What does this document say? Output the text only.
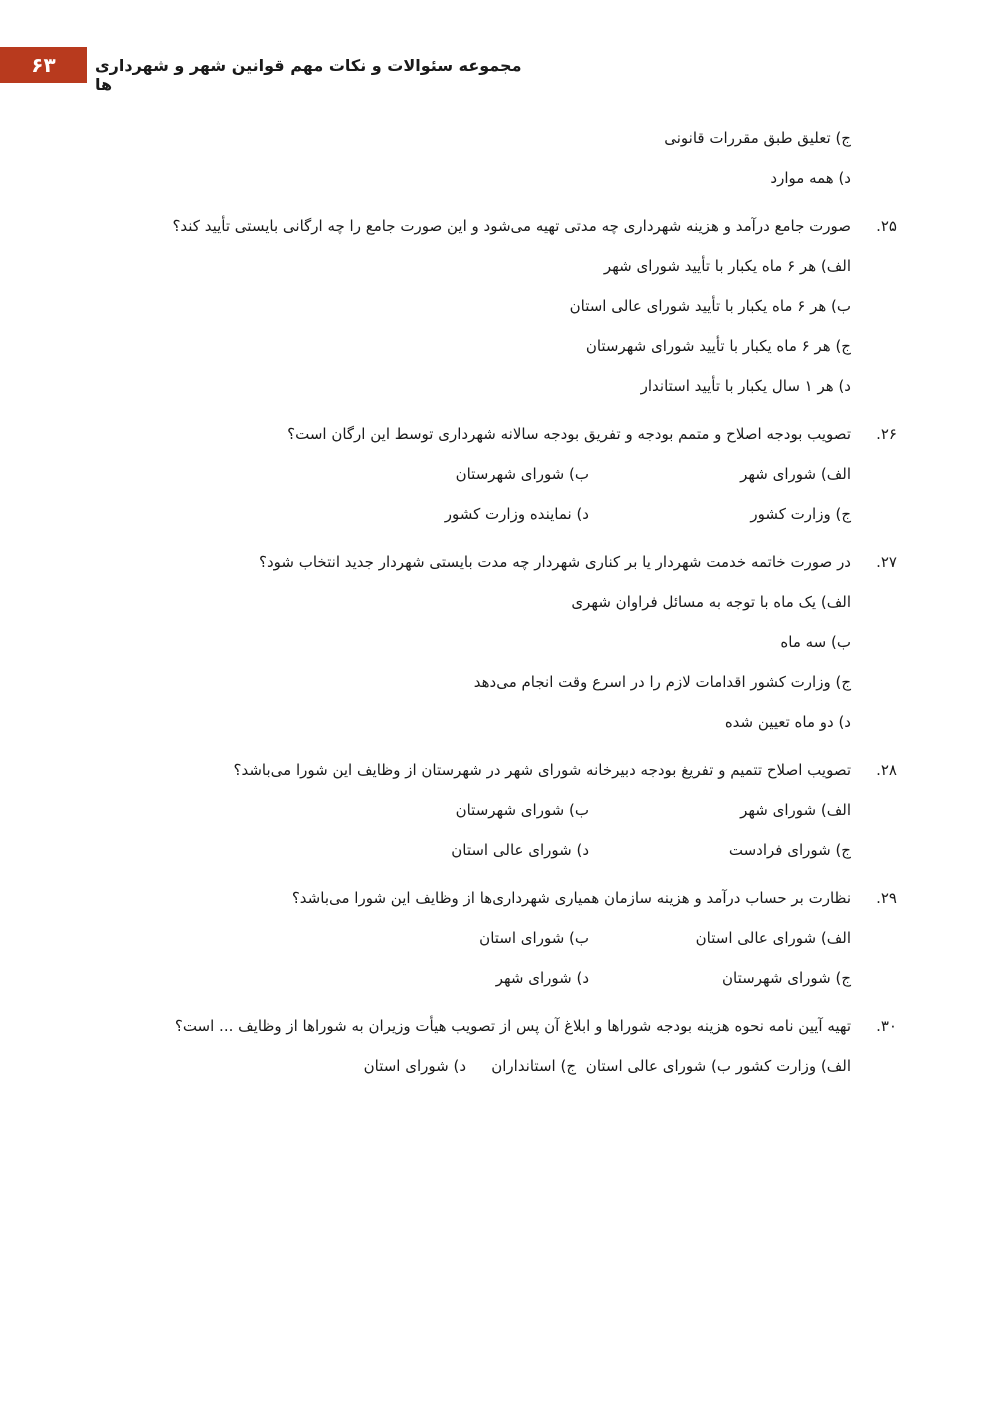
۶۳ مجموعه سئوالات و نکات مهم قوانین شهر و شهرداری ها
ج) تعلیق طبق مقررات قانونی
د) همه موارد
۲۵.
صورت جامع درآمد و هزینه شهرداری چه مدتی تهیه می‌شود و این صورت جامع را چه ارگانی بایستی تأیید کند؟
الف) هر ۶ ماه یکبار با تأیید شورای شهر
ب) هر ۶ ماه یکبار با تأیید شورای عالی استان
ج) هر ۶ ماه یکبار با تأیید شورای شهرستان
د) هر ۱ سال یکبار با تأیید استاندار
۲۶.
تصویب بودجه اصلاح و متمم بودجه و تفریق بودجه سالانه شهرداری توسط این ارگان است؟
الف) شورای شهر
ب) شورای شهرستان
ج) وزارت کشور
د) نماینده وزارت کشور
۲۷.
در صورت خاتمه خدمت شهردار یا بر کناری شهردار چه مدت بایستی شهردار جدید انتخاب شود؟
الف) یک ماه با توجه به مسائل فراوان شهری
ب) سه ماه
ج) وزارت کشور اقدامات لازم را در اسرع وقت انجام می‌دهد
د) دو ماه تعیین شده
۲۸.
تصویب اصلاح تتمیم و تفریغ بودجه دبیرخانه شورای شهر در شهرستان از وظایف این شورا می‌باشد؟
الف) شورای شهر
ب) شورای شهرستان
ج) شورای فرادست
د) شورای عالی استان
۲۹.
نظارت بر حساب درآمد و هزینه سازمان همیاری شهرداری‌ها از وظایف این شورا می‌باشد؟
الف) شورای عالی استان
ب) شورای استان
ج) شورای شهرستان
د) شورای شهر
۳۰.
تهیه آیین نامه نحوه هزینه بودجه شوراها و ابلاغ آن پس از تصویب هیأت وزیران به شوراها از وظایف ... است؟
الف) وزارت کشور
ب) شورای عالی استان
ج) استانداران
د) شورای استان
